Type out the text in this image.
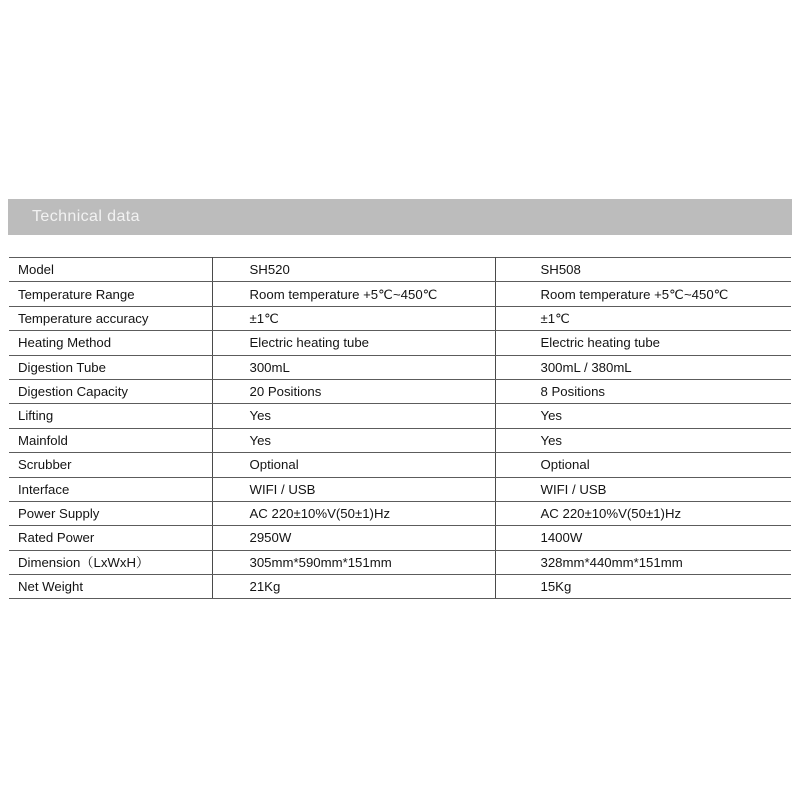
Technical data
Model	SH520	SH508
Temperature Range	Room temperature +5℃~450℃	Room temperature +5℃~450℃
Temperature accuracy	±1℃	±1℃
Heating Method	Electric heating tube	Electric heating tube
Digestion Tube	300mL	300mL / 380mL
Digestion Capacity	20 Positions	8 Positions
Lifting	Yes	Yes
Mainfold	Yes	Yes
Scrubber	Optional	Optional
Interface	WIFI / USB	WIFI / USB
Power Supply	AC 220±10%V(50±1)Hz	AC 220±10%V(50±1)Hz
Rated Power	2950W	1400W
Dimension（LxWxH）	305mm*590mm*151mm	328mm*440mm*151mm
Net Weight	21Kg	15Kg
